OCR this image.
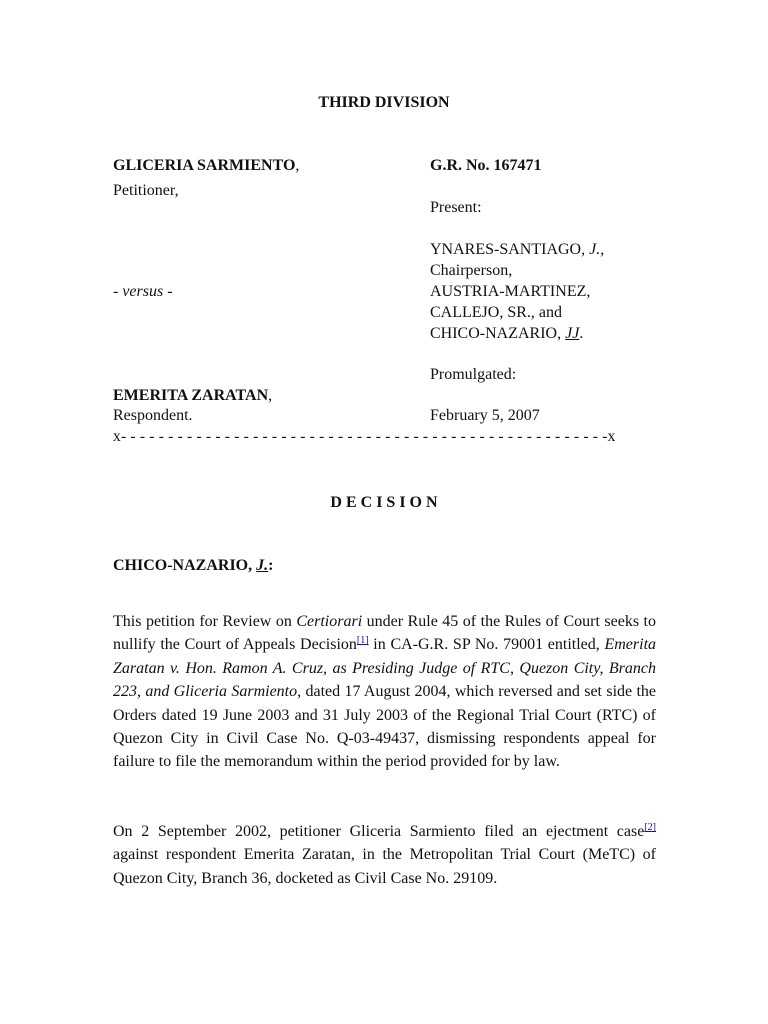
THIRD DIVISION
GLICERIA SARMIENTO,
Petitioner,
G.R. No. 167471
Present:
YNARES-SANTIAGO, J.,
Chairperson,
- versus -	AUSTRIA-MARTINEZ,
CALLEJO, SR., and
CHICO-NAZARIO, JJ.
Promulgated:
EMERITA ZARATAN,
Respondent.	February 5, 2007
x- - - - - - - - - - - - - - - - - - - - - - - - - - - - - - - - - - - - - - - - - - - - - - - - - - - -x
D E C I S I O N
CHICO-NAZARIO, J.:
This petition for Review on Certiorari under Rule 45 of the Rules of Court seeks to nullify the Court of Appeals Decision[1] in CA-G.R. SP No. 79001 entitled, Emerita Zaratan v. Hon. Ramon A. Cruz, as Presiding Judge of RTC, Quezon City, Branch 223, and Gliceria Sarmiento, dated 17 August 2004, which reversed and set side the Orders dated 19 June 2003 and 31 July 2003 of the Regional Trial Court (RTC) of Quezon City in Civil Case No. Q-03-49437, dismissing respondents appeal for failure to file the memorandum within the period provided for by law.
On 2 September 2002, petitioner Gliceria Sarmiento filed an ejectment case[2] against respondent Emerita Zaratan, in the Metropolitan Trial Court (MeTC) of Quezon City, Branch 36, docketed as Civil Case No. 29109.
